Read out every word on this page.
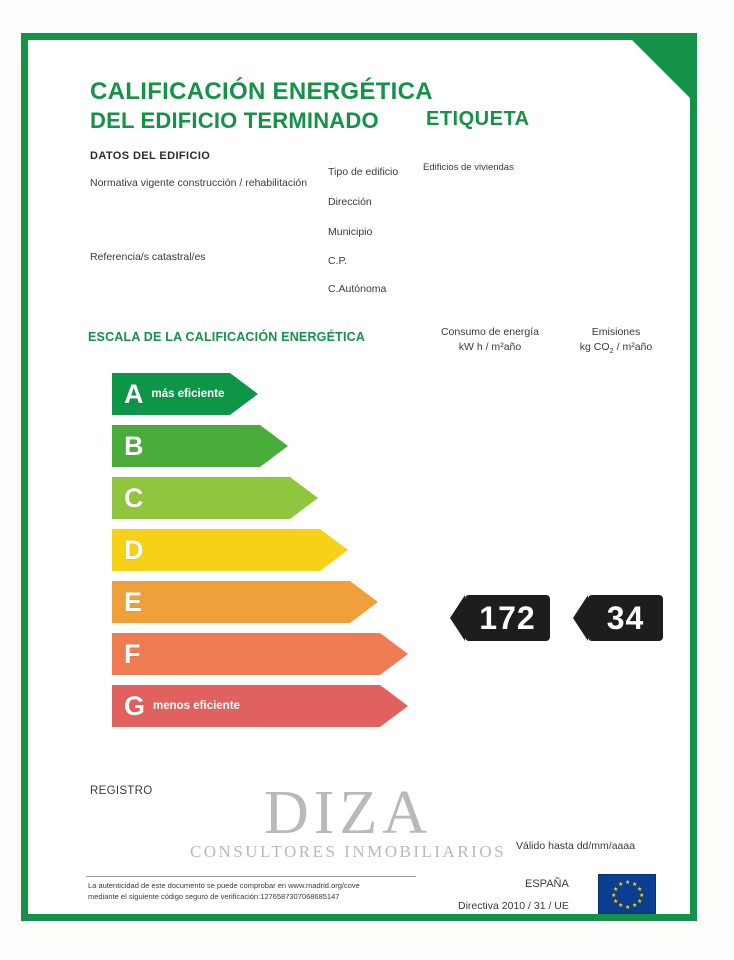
CALIFICACIÓN ENERGÉTICA
DEL EDIFICIO TERMINADO ETIQUETA
DATOS DEL EDIFICIO
Normativa vigente construcción / rehabilitación
Referencia/s catastral/es
Tipo de edificio	Edificios de viviendas
Dirección
Municipio
C.P.
C.Autónoma
ESCALA DE LA CALIFICACIÓN ENERGÉTICA	Consumo de energía
kW h / m²año
Emisiones
kg $CO_2$ / m²año
A más eficiente
B
C
D
E
F
G menos eficiente
172	34
REGISTRO	DIZA
CONSULTORES INMOBILIARIOS Válido hasta dd/mm/aaaa
La autenticidad de este documento se puede comprobar en www.madrid.org/cove
mediante el siguiente código seguro de verificación:1276587307068685147
ESPAÑA
Directiva 2010 / 31 / UE
★ ★
★
★
★
★
★
★
★
★
★
★
